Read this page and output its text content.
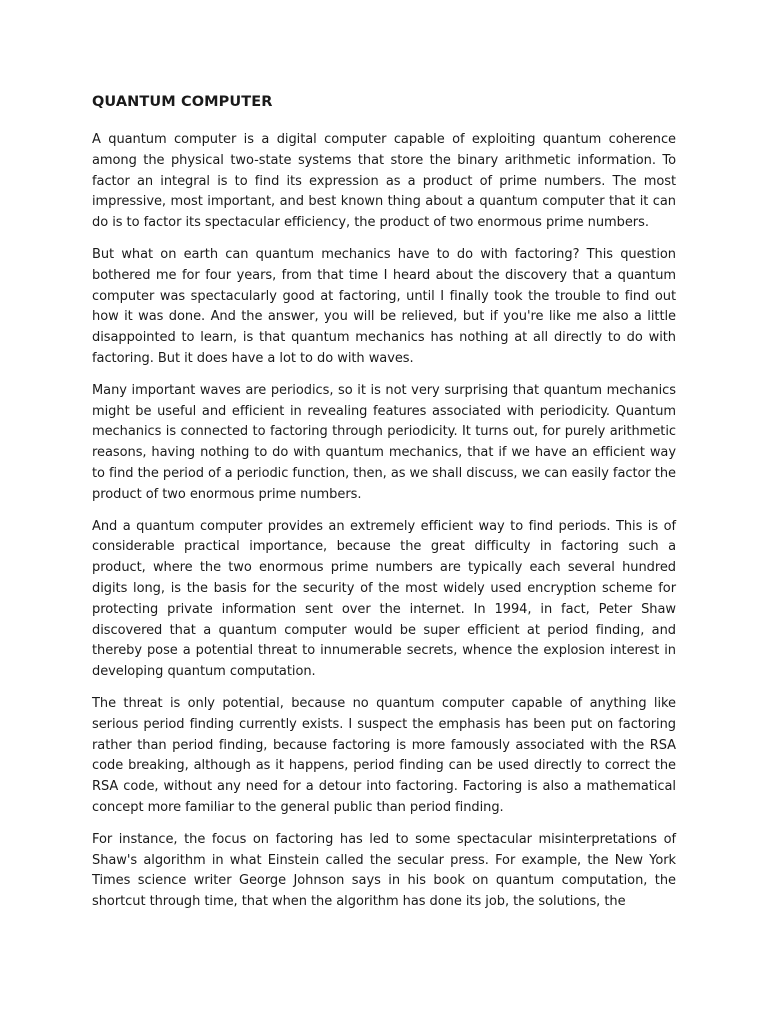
QUANTUM COMPUTER

A quantum computer is a digital computer capable of exploiting quantum coherence among the physical two-state systems that store the binary arithmetic information. To factor an integral is to find its expression as a product of prime numbers. The most impressive, most important, and best known thing about a quantum computer that it can do is to factor its spectacular efficiency, the product of two enormous prime numbers.

But what on earth can quantum mechanics have to do with factoring? This question bothered me for four years, from that time I heard about the discovery that a quantum computer was spectacularly good at factoring, until I finally took the trouble to find out how it was done. And the answer, you will be relieved, but if you're like me also a little disappointed to learn, is that quantum mechanics has nothing at all directly to do with factoring. But it does have a lot to do with waves.

Many important waves are periodics, so it is not very surprising that quantum mechanics might be useful and efficient in revealing features associated with periodicity. Quantum mechanics is connected to factoring through periodicity. It turns out, for purely arithmetic reasons, having nothing to do with quantum mechanics, that if we have an efficient way to find the period of a periodic function, then, as we shall discuss, we can easily factor the product of two enormous prime numbers.

And a quantum computer provides an extremely efficient way to find periods. This is of considerable practical importance, because the great difficulty in factoring such a product, where the two enormous prime numbers are typically each several hundred digits long, is the basis for the security of the most widely used encryption scheme for protecting private information sent over the internet. In 1994, in fact, Peter Shaw discovered that a quantum computer would be super efficient at period finding, and thereby pose a potential threat to innumerable secrets, whence the explosion interest in developing quantum computation.

The threat is only potential, because no quantum computer capable of anything like serious period finding currently exists. I suspect the emphasis has been put on factoring rather than period finding, because factoring is more famously associated with the RSA code breaking, although as it happens, period finding can be used directly to correct the RSA code, without any need for a detour into factoring. Factoring is also a mathematical concept more familiar to the general public than period finding.

For instance, the focus on factoring has led to some spectacular misinterpretations of Shaw's algorithm in what Einstein called the secular press. For example, the New York Times science writer George Johnson says in his book on quantum computation, the shortcut through time, that when the algorithm has done its job, the solutions, the
